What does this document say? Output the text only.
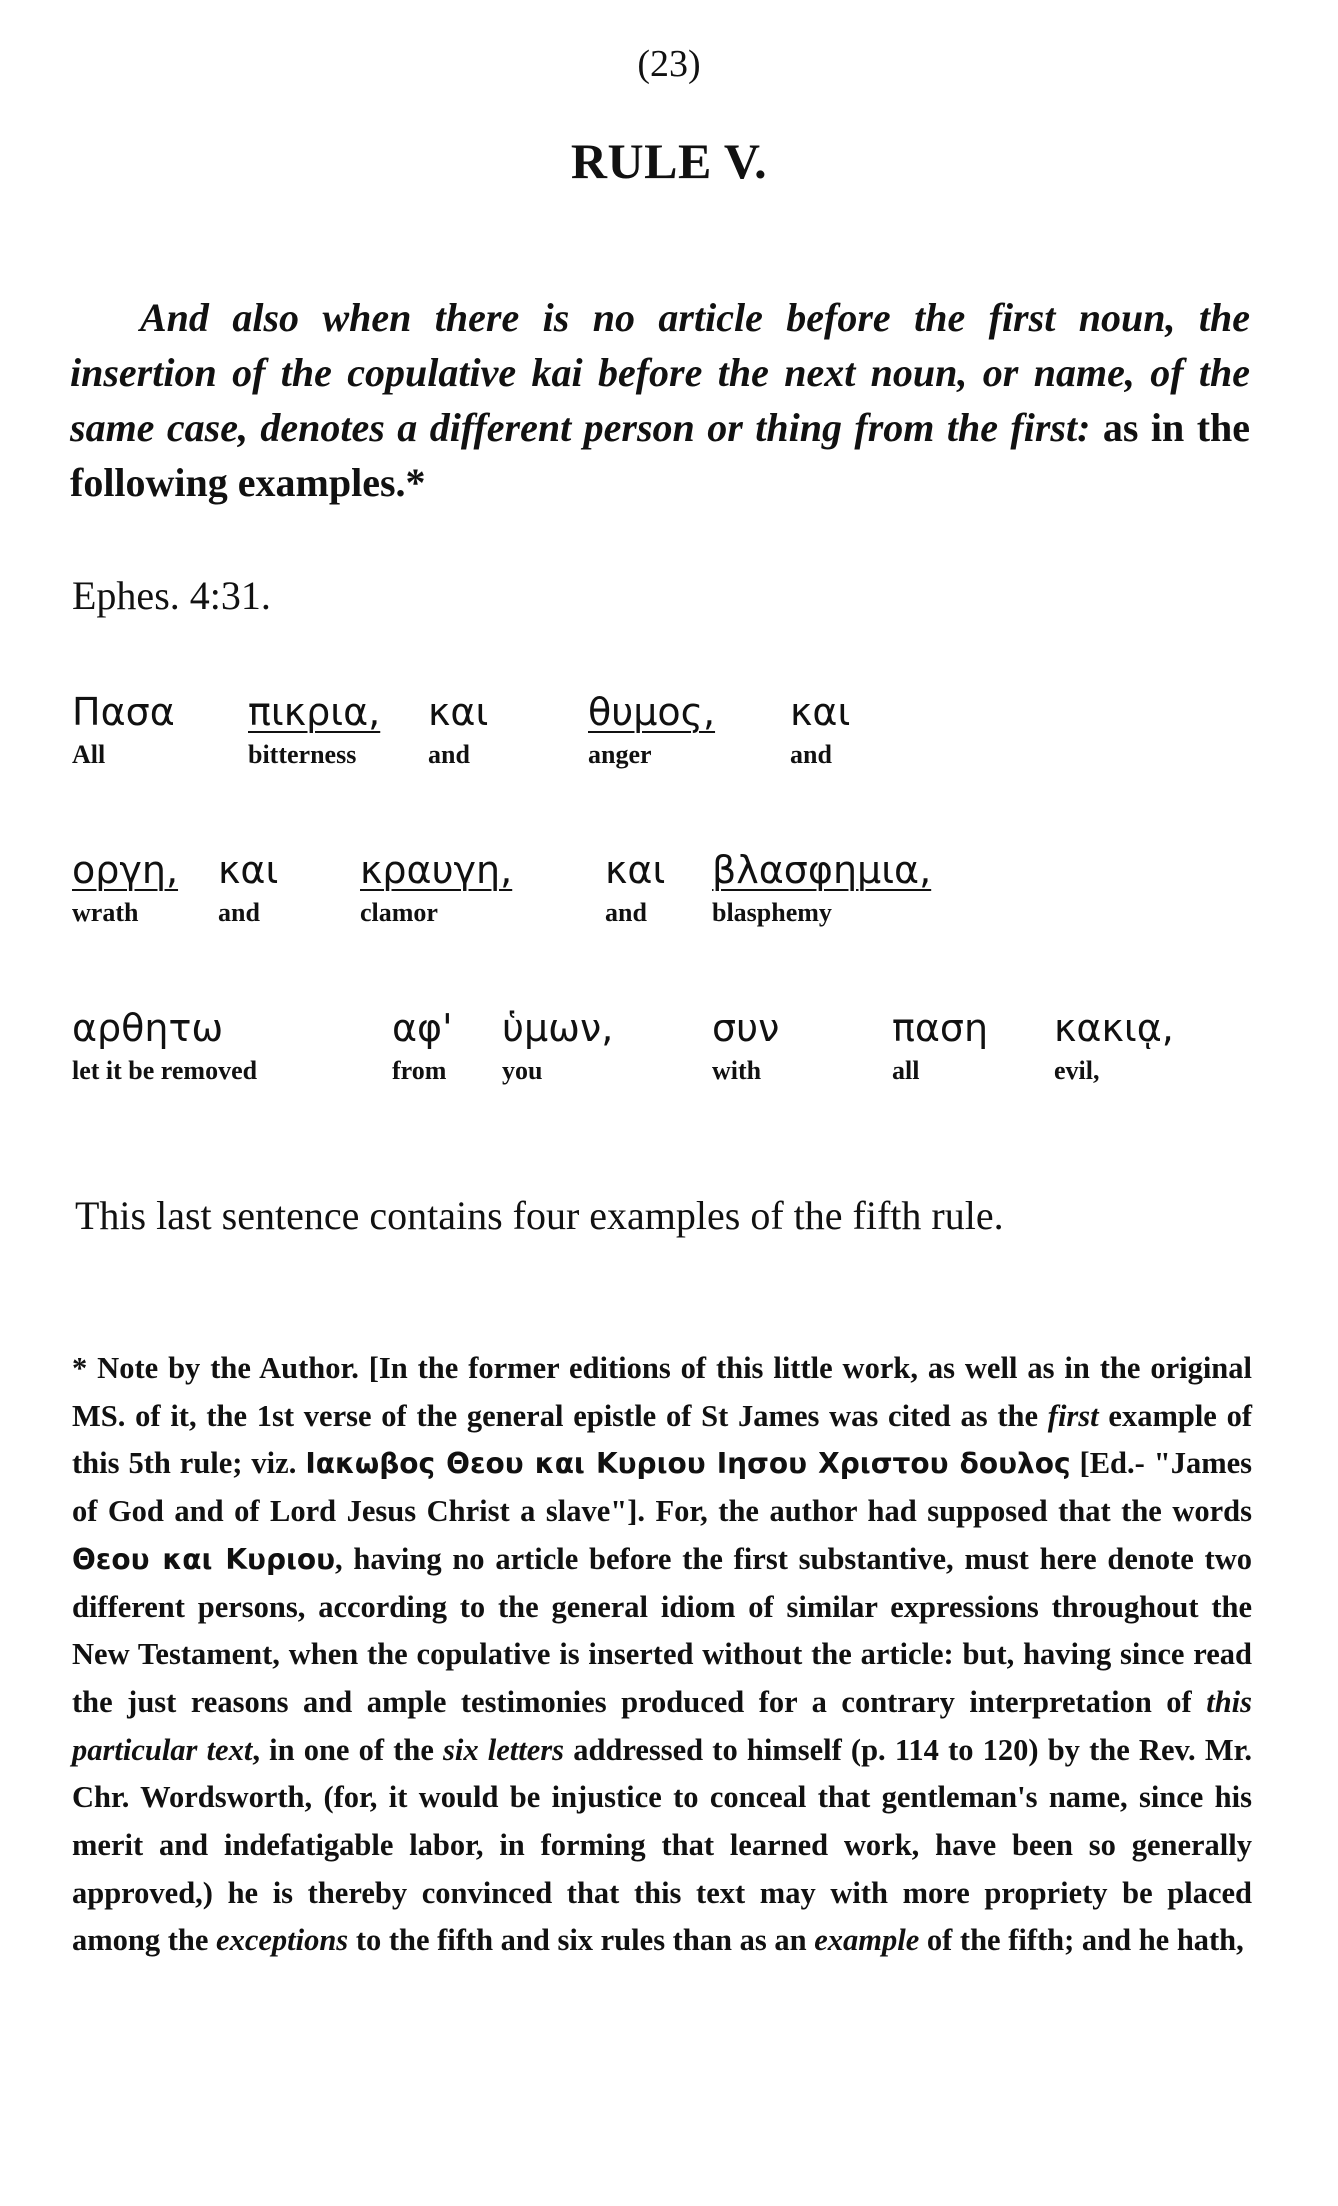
(23)
RULE V.
And also when there is no article before the first noun, the insertion of the copulative kai before the next noun, or name, of the same case, denotes a different person or thing from the first: as in the following examples.*
Ephes. 4:31.
Πασα
All
πικρια,
bitterness
και
and
θυμος,
anger
και
and
οργη,
wrath
και
and
κραυγη,
clamor
και
and
βλασφημια,
blasphemy
αρθητω
let it be removed
αφ'
from
ὑμων,
you
συν
with
παση
all
κακιᾳ,
evil,
This last sentence contains four examples of the fifth rule.
* Note by the Author. [In the former editions of this little work, as well as in the original MS. of it, the 1st verse of the general epistle of St James was cited as the first example of this 5th rule; viz. Ιακωβος Θεου και Κυριου Ιησου Χριστου δουλος [Ed.- "James of God and of Lord Jesus Christ a slave"]. For, the author had supposed that the words Θεου και Κυριου, having no article before the first substantive, must here denote two different persons, according to the general idiom of similar expressions throughout the New Testament, when the copulative is inserted without the article: but, having since read the just reasons and ample testimonies produced for a contrary interpretation of this particular text, in one of the six letters addressed to himself (p. 114 to 120) by the Rev. Mr. Chr. Wordsworth, (for, it would be injustice to conceal that gentleman's name, since his merit and indefatigable labor, in forming that learned work, have been so generally approved,) he is thereby convinced that this text may with more propriety be placed among the exceptions to the fifth and six rules than as an example of the fifth; and he hath,
